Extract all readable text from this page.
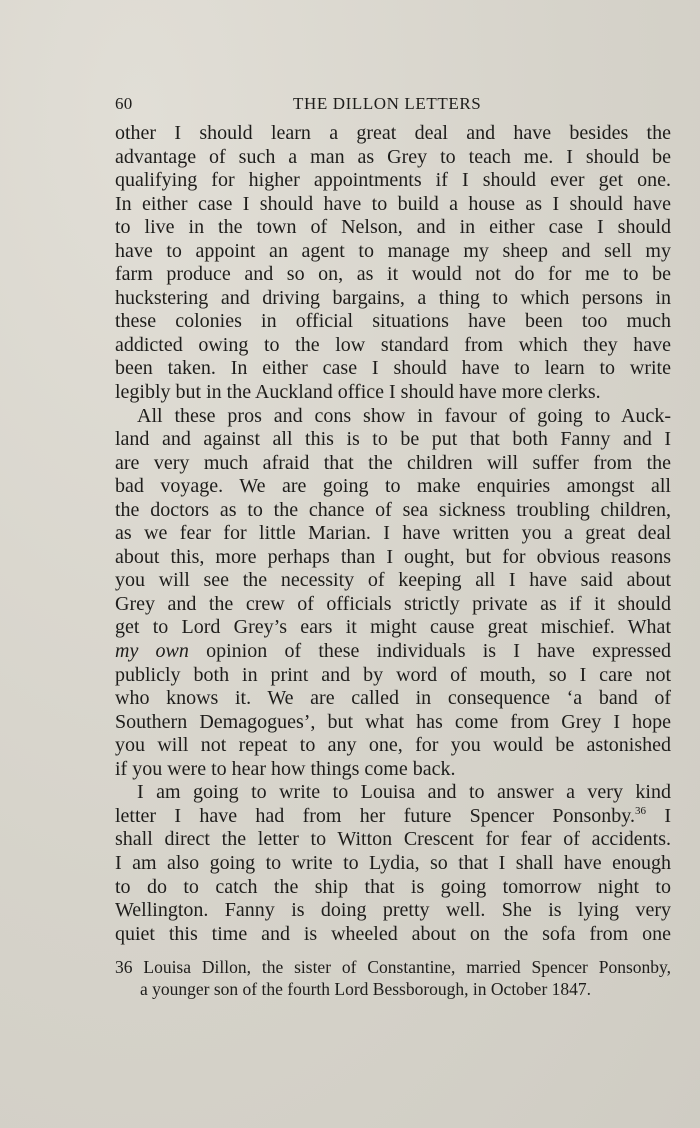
60	THE DILLON LETTERS
other I should learn a great deal and have besides the
advantage of such a man as Grey to teach me. I should be
qualifying for higher appointments if I should ever get one.
In either case I should have to build a house as I should have
to live in the town of Nelson, and in either case I should
have to appoint an agent to manage my sheep and sell my
farm produce and so on, as it would not do for me to be
huckstering and driving bargains, a thing to which persons in
these colonies in official situations have been too much
addicted owing to the low standard from which they have
been taken. In either case I should have to learn to write
legibly but in the Auckland office I should have more clerks.
All these pros and cons show in favour of going to Auck-
land and against all this is to be put that both Fanny and I
are very much afraid that the children will suffer from the
bad voyage. We are going to make enquiries amongst all
the doctors as to the chance of sea sickness troubling children,
as we fear for little Marian. I have written you a great deal
about this, more perhaps than I ought, but for obvious reasons
you will see the necessity of keeping all I have said about
Grey and the crew of officials strictly private as if it should
get to Lord Grey’s ears it might cause great mischief. What
my own opinion of these individuals is I have expressed
publicly both in print and by word of mouth, so I care not
who knows it. We are called in consequence ‘a band of
Southern Demagogues’, but what has come from Grey I hope
you will not repeat to any one, for you would be astonished
if you were to hear how things come back.
I am going to write to Louisa and to answer a very kind
letter I have had from her future Spencer Ponsonby.$^{36}$ I
shall direct the letter to Witton Crescent for fear of accidents.
I am also going to write to Lydia, so that I shall have enough
to do to catch the ship that is going tomorrow night to
Wellington. Fanny is doing pretty well. She is lying very
quiet this time and is wheeled about on the sofa from one
36 Louisa Dillon, the sister of Constantine, married Spencer Ponsonby,
a younger son of the fourth Lord Bessborough, in October 1847.
